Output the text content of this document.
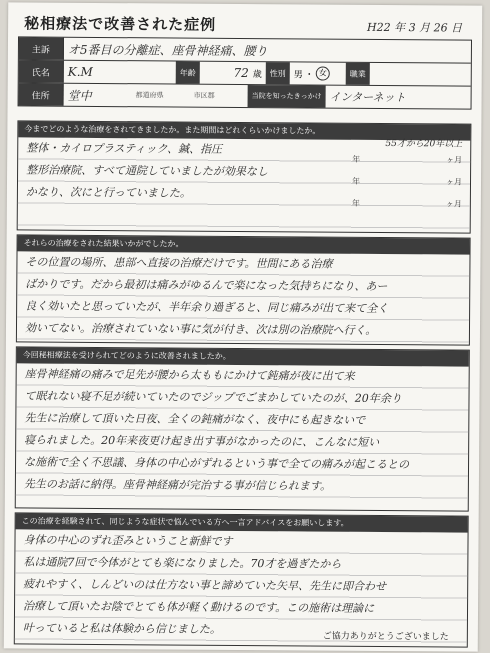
秘相療法で改善された症例	H22 年 3 月 26 日
主訴	オ5番目の分離症、座骨神経痛、腰り
氏名	K.M	年齢	72 歳 性別 男 ・ 女	職業
住所	堂中	都道府県	市区郡	当院を知ったきっかけ インターネット
今までどのような治療をされてきましたか。また期間はどれくらいかけましたか。
整体・カイロプラスティック、鍼、指圧
整形治療院、すべて通院していましたが効果なし
かなり、次にと行っていました。
55才から20年以上
年	ヶ月
年	ヶ月
年	ヶ月
それらの治療をされた結果いかがでしたか。
その位置の場所、患部へ直接の治療だけです。世間にある治療
ばかりです。だから最初は痛みがゆるんで楽になった気持ちになり、あー
良く効いたと思っていたが、半年余り過ぎると、同じ痛みが出て来て全く
効いてない。治療されていない事に気が付き、次は別の治療院へ行く。
今回秘相療法を受けられてどのように改善されましたか。
座骨神経痛の痛みで足先が腰から太ももにかけて鈍痛が夜に出て来
て眠れない寝不足が続いていたのでジップでごまかしていたのが、20年余り
先生に治療して頂いた日夜、全くの鈍痛がなく、夜中にも起きないで
寝られました。20年来夜更け起き出す事がなかったのに、こんなに短い
な施術で全く不思議、身体の中心がずれるという事で全ての痛みが起こるとの
先生のお話に納得。座骨神経痛が完治する事が信じられます。
この治療を経験されて、同じような症状で悩んでいる方へ一言アドバイスをお願いします。
身体の中心のずれ歪みということ新鮮です
私は通院7回で今体がとても楽になりました。70才を過ぎたから
疲れやすく、しんどいのは仕方ない事と諦めていた矢早、先生に即合わせ
治療して頂いたお陰でとても体が軽く動けるのです。この施術は理論に
叶っていると私は体験から信じました。
ご協力ありがとうございました
